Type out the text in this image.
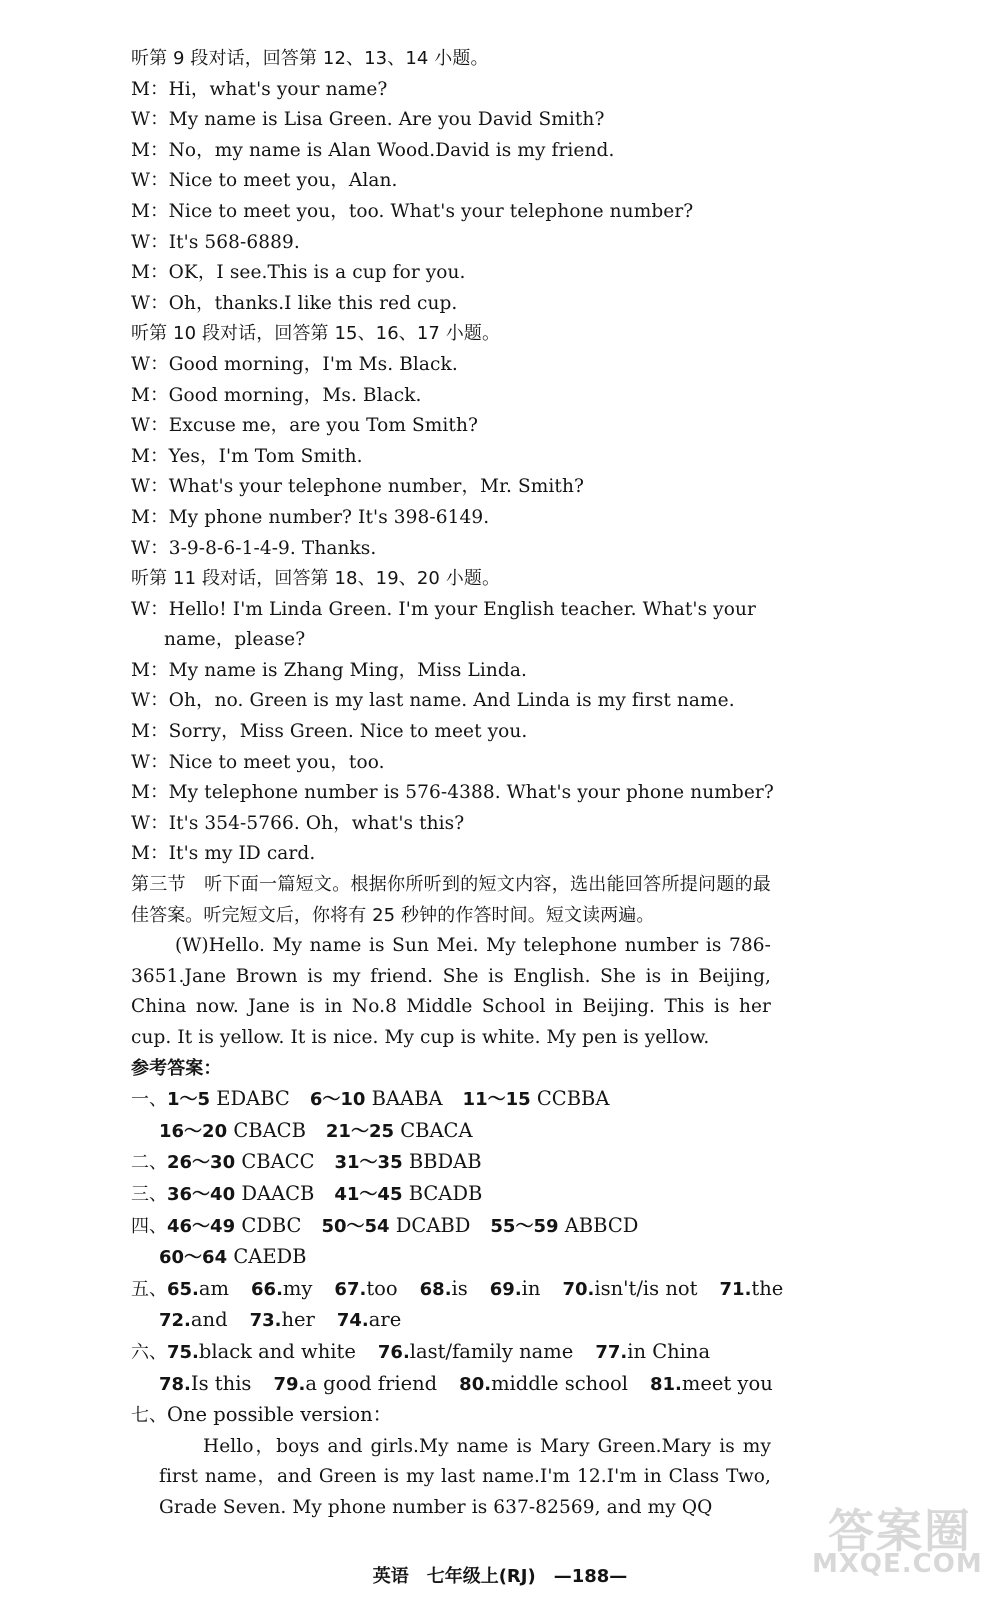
听第 9 段对话，回答第 12、13、14 小题。
M：Hi，what's your name?
W：My name is Lisa Green. Are you David Smith?
M：No，my name is Alan Wood.David is my friend.
W：Nice to meet you，Alan.
M：Nice to meet you，too. What's your telephone number?
W：It's 568-6889.
M：OK，I see.This is a cup for you.
W：Oh，thanks.I like this red cup.
听第 10 段对话，回答第 15、16、17 小题。
W：Good morning，I'm Ms. Black.
M：Good morning，Ms. Black.
W：Excuse me，are you Tom Smith?
M：Yes，I'm Tom Smith.
W：What's your telephone number，Mr. Smith?
M：My phone number? It's 398-6149.
W：3-9-8-6-1-4-9. Thanks.
听第 11 段对话，回答第 18、19、20 小题。
W：Hello! I'm Linda Green. I'm your English teacher. What's your
name，please?
M：My name is Zhang Ming，Miss Linda.
W：Oh，no. Green is my last name. And Linda is my first name.
M：Sorry，Miss Green. Nice to meet you.
W：Nice to meet you，too.
M：My telephone number is 576-4388. What's your phone number?
W：It's 354-5766. Oh，what's this?
M：It's my ID card.
第三节　听下面一篇短文。根据你所听到的短文内容，选出能回答所提问题的最佳答案。听完短文后，你将有 25 秒钟的作答时间。短文读两遍。
(W)Hello. My name is Sun Mei. My telephone number is 786-3651.Jane Brown is my friend. She is English. She is in Beijing, China now. Jane is in No.8 Middle School in Beijing. This is her cup. It is yellow. It is nice. My cup is white. My pen is yellow.
参考答案：
一、1～5 EDABC 6～10 BAABA 11～15 CCBBA
16～20 CBACB 21～25 CBACA
二、26～30 CBACC 31～35 BBDAB
三、36～40 DAACB 41～45 BCADB
四、46～49 CDBC 50～54 DCABD 55～59 ABBCD
60～64 CAEDB
五、65.am 66.my 67.too 68.is 69.in 70.isn't/is not 71.the
72.and 73.her 74.are
六、75.black and white 76.last/family name 77.in China
78.Is this 79.a good friend 80.middle school 81.meet you
七、One possible version：
Hello，boys and girls.My name is Mary Green.Mary is my first name，and Green is my last name.I'm 12.I'm in Class Two, Grade Seven. My phone number is 637-82569, and my QQ
英语　七年级上(RJ)　—188—
答案圈
MXQE.COM
